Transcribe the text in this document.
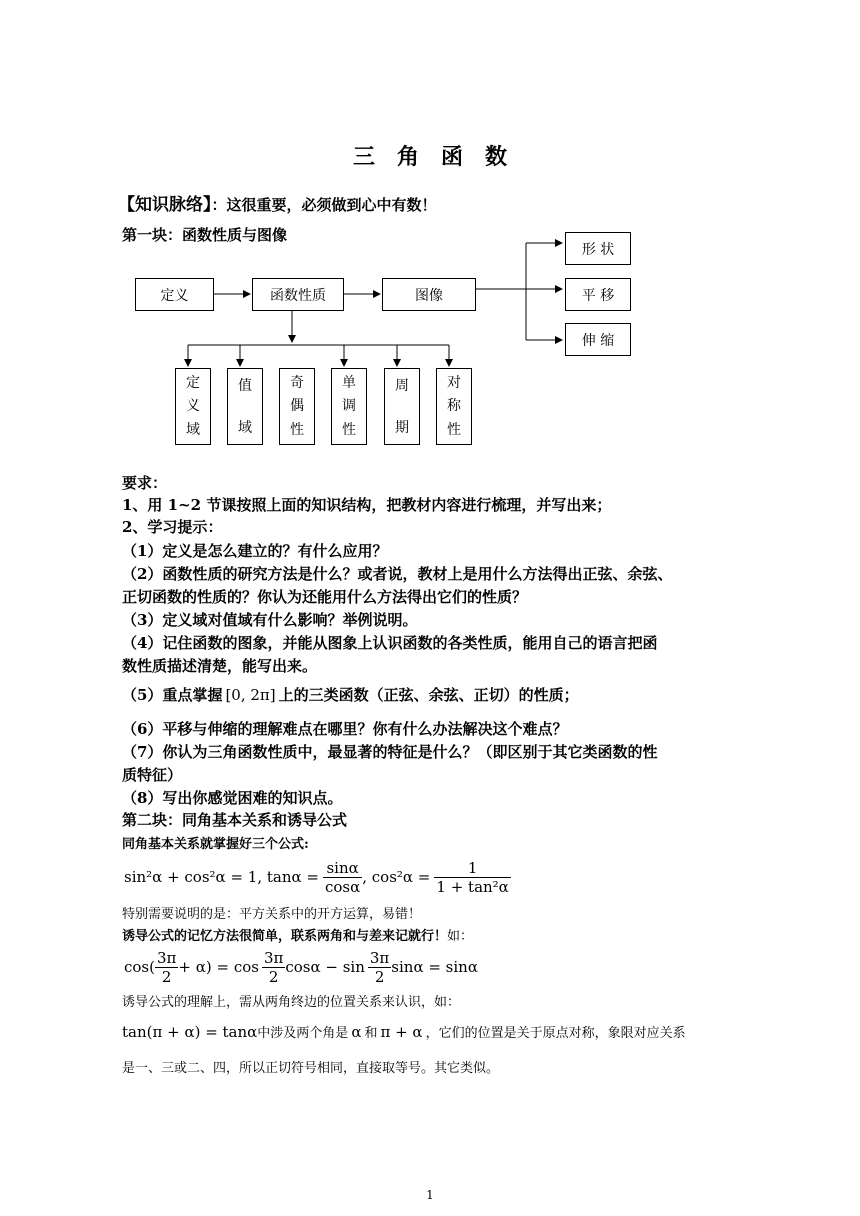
三　角　函　数
【知识脉络】：这很重要，必须做到心中有数！
第一块：函数性质与图像
定义	函数性质	图像
形 状
平 移
伸 缩
定
义
域
值
域
奇
偶
性
单
调
性
周
期
对
称
性
要求：
1、用 1~2 节课按照上面的知识结构，把教材内容进行梳理，并写出来；
2、学习提示：
（1）定义是怎么建立的？有什么应用？
（2）函数性质的研究方法是什么？或者说，教材上是用什么方法得出正弦、余弦、
正切函数的性质的？你认为还能用什么方法得出它们的性质？
（3）定义域对值域有什么影响？举例说明。
（4）记住函数的图象，并能从图象上认识函数的各类性质，能用自己的语言把函
数性质描述清楚，能写出来。
（5）重点掌握 [0, 2π] 上的三类函数（正弦、余弦、正切）的性质；
（6）平移与伸缩的理解难点在哪里？你有什么办法解决这个难点？
（7）你认为三角函数性质中，最显著的特征是什么？（即区别于其它类函数的性
质特征）
（8）写出你感觉困难的知识点。
第二块：同角基本关系和诱导公式
同角基本关系就掌握好三个公式:
sin²α + cos²α = 1, $\tan\alpha = \frac{\sin\alpha}{\cos\alpha}$ , $\cos^2\alpha = \frac{1}{\text{1 + tan²α}}$
特别需要说明的是：平方关系中的开方运算，易错！
诱导公式的记忆方法很简单，联系两角和与差来记就行！如：
$\cos( \frac{3\pi}{2} + \alpha) = \cos \frac{3\pi}{2}$ $\cos\alpha - \sin \frac{3\pi}{2}$ sinα = sinα
诱导公式的理解上，需从两角终边的位置关系来认识，如：
tan(π + α) = tanα中涉及两个角是 α 和 π + α ，它们的位置是关于原点对称，象限对应关系
是一、三或二、四，所以正切符号相同，直接取等号。其它类似。
1
